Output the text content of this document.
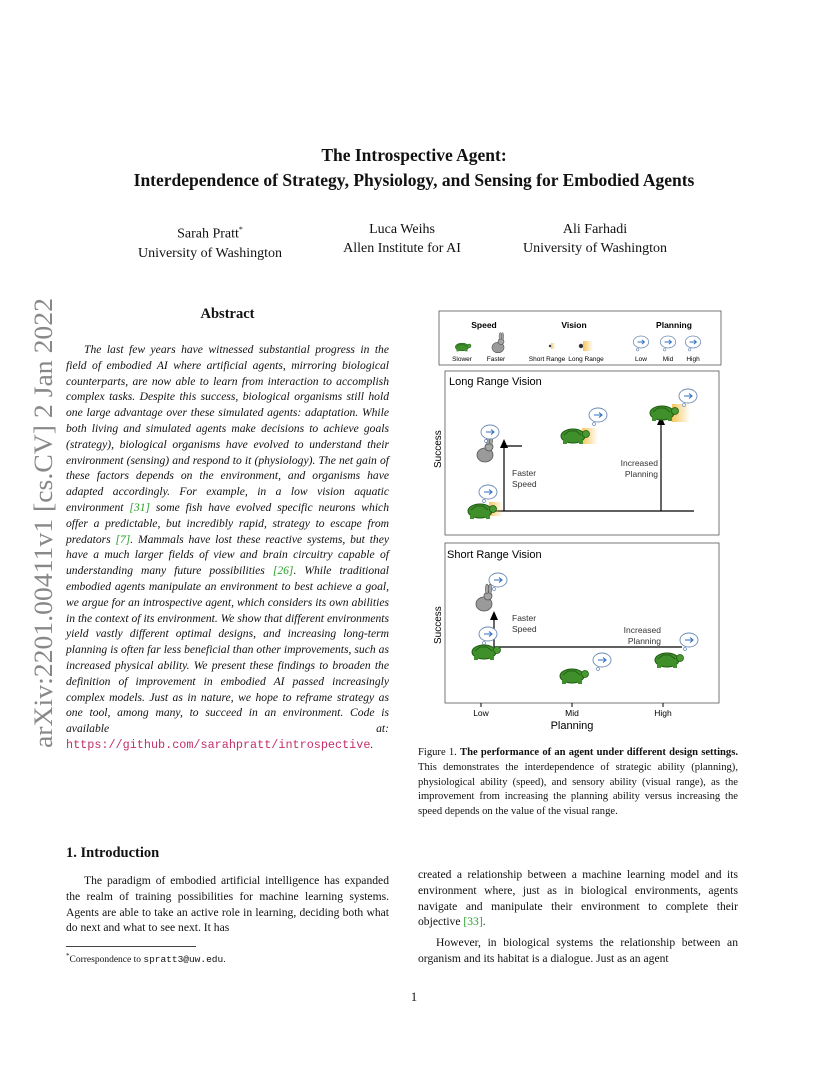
arXiv:2201.00411v1 [cs.CV] 2 Jan 2022
The Introspective Agent:
Interdependence of Strategy, Physiology, and Sensing for Embodied Agents
Sarah Pratt*
University of Washington
Luca Weihs
Allen Institute for AI
Ali Farhadi
University of Washington
Abstract
The last few years have witnessed substantial progress in the field of embodied AI where artificial agents, mirroring biological counterparts, are now able to learn from interaction to accomplish complex tasks. Despite this success, biological organisms still hold one large advantage over these simulated agents: adaptation. While both living and simulated agents make decisions to achieve goals (strategy), biological organisms have evolved to understand their environment (sensing) and respond to it (physiology). The net gain of these factors depends on the environment, and organisms have adapted accordingly. For example, in a low vision aquatic environment [31] some fish have evolved specific neurons which offer a predictable, but incredibly rapid, strategy to escape from predators [7]. Mammals have lost these reactive systems, but they have a much larger fields of view and brain circuitry capable of understanding many future possibilities [26]. While traditional embodied agents manipulate an environment to best achieve a goal, we argue for an introspective agent, which considers its own abilities in the context of its environment. We show that different environments yield vastly different optimal designs, and increasing long-term planning is often far less beneficial than other improvements, such as increased physical ability. We present these findings to broaden the definition of improvement in embodied AI passed increasingly complex models. Just as in nature, we hope to reframe strategy as one tool, among many, to succeed in an environment. Code is available at: https://github.com/sarahpratt/introspective.
1. Introduction
The paradigm of embodied artificial intelligence has expanded the realm of training possibilities for machine learning systems. Agents are able to take an active role in learning, deciding both what do next and what to see next. It has
created a relationship between a machine learning model and its environment where, just as in biological environments, agents navigate and manipulate their environment to complete their objective [33].
However, in biological systems the relationship between an organism and its habitat is a dialogue. Just as an agent
*Correspondence to spratt3@uw.edu.
Speed	Vision	Planning
Slower Faster	Short Range Long Range	Low Mid High
Long Range Vision
Success
Faster
Speed
Increased
Planning
Short Range Vision
Success	Faster
Speed	Increased
Planning
Low	Mid	High
Planning
Figure 1. The performance of an agent under different design settings. This demonstrates the interdependence of strategic ability (planning), physiological ability (speed), and sensory ability (visual range), as the improvement from increasing the planning ability versus increasing the speed depends on the value of the visual range.
1
